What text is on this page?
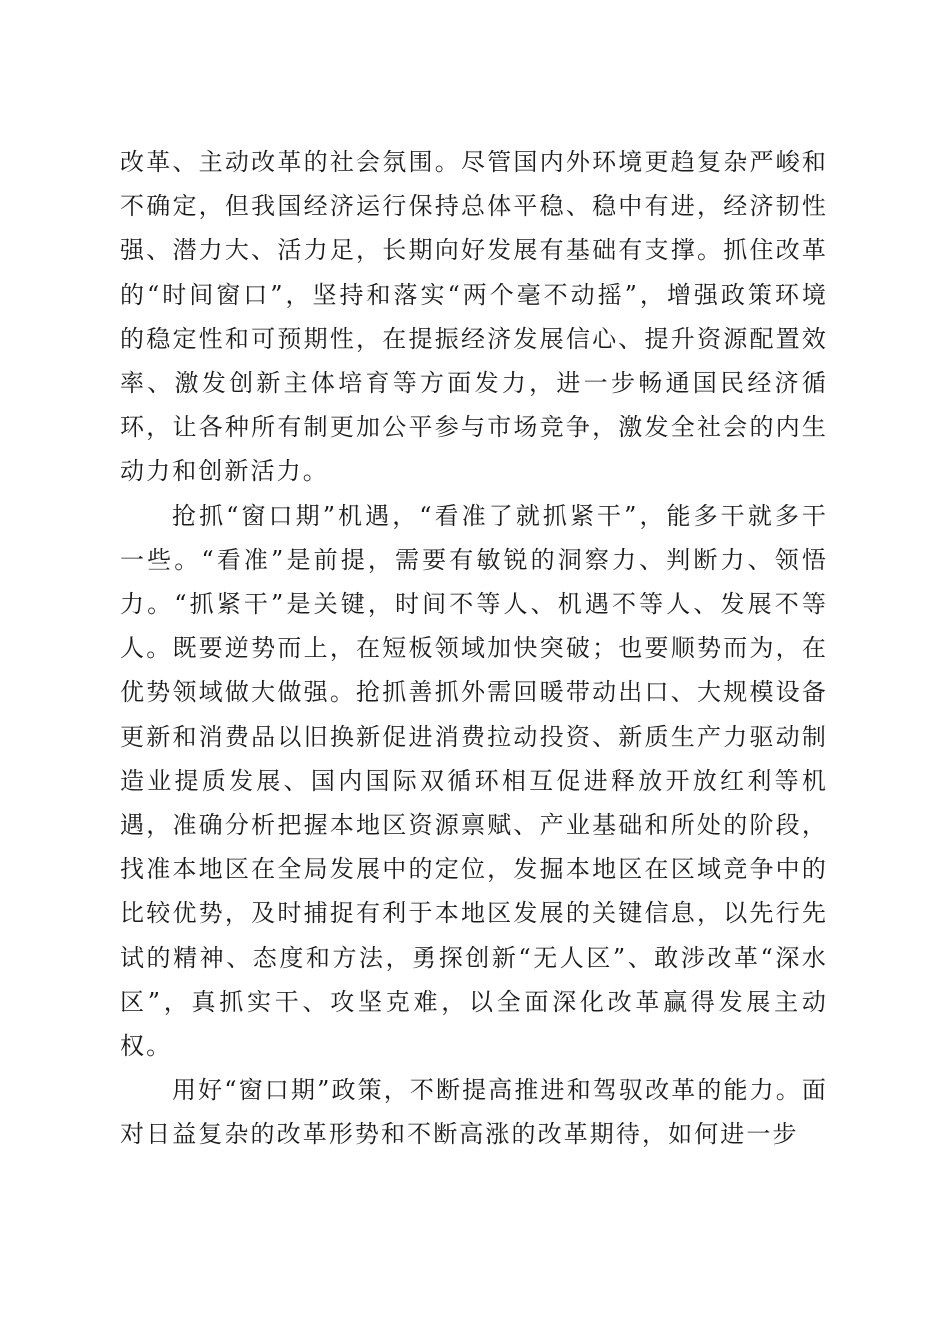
改革、主动改革的社会氛围。尽管国内外环境更趋复杂严峻和不确定，但我国经济运行保持总体平稳、稳中有进，经济韧性强、潜力大、活力足，长期向好发展有基础有支撑。抓住改革的“时间窗口”，坚持和落实“两个毫不动摇”，增强政策环境的稳定性和可预期性，在提振经济发展信心、提升资源配置效率、激发创新主体培育等方面发力，进一步畅通国民经济循环，让各种所有制更加公平参与市场竞争，激发全社会的内生动力和创新活力。

抢抓“窗口期”机遇，“看准了就抓紧干”，能多干就多干一些。“看准”是前提，需要有敏锐的洞察力、判断力、领悟力。“抓紧干”是关键，时间不等人、机遇不等人、发展不等人。既要逆势而上，在短板领域加快突破；也要顺势而为，在优势领域做大做强。抢抓善抓外需回暖带动出口、大规模设备更新和消费品以旧换新促进消费拉动投资、新质生产力驱动制造业提质发展、国内国际双循环相互促进释放开放红利等机遇，准确分析把握本地区资源禀赋、产业基础和所处的阶段，找准本地区在全局发展中的定位，发掘本地区在区域竞争中的比较优势，及时捕捉有利于本地区发展的关键信息，以先行先试的精神、态度和方法，勇探创新“无人区”、敢涉改革“深水区”，真抓实干、攻坚克难，以全面深化改革赢得发展主动权。

用好“窗口期”政策，不断提高推进和驾驭改革的能力。面对日益复杂的改革形势和不断高涨的改革期待，如何进一步
